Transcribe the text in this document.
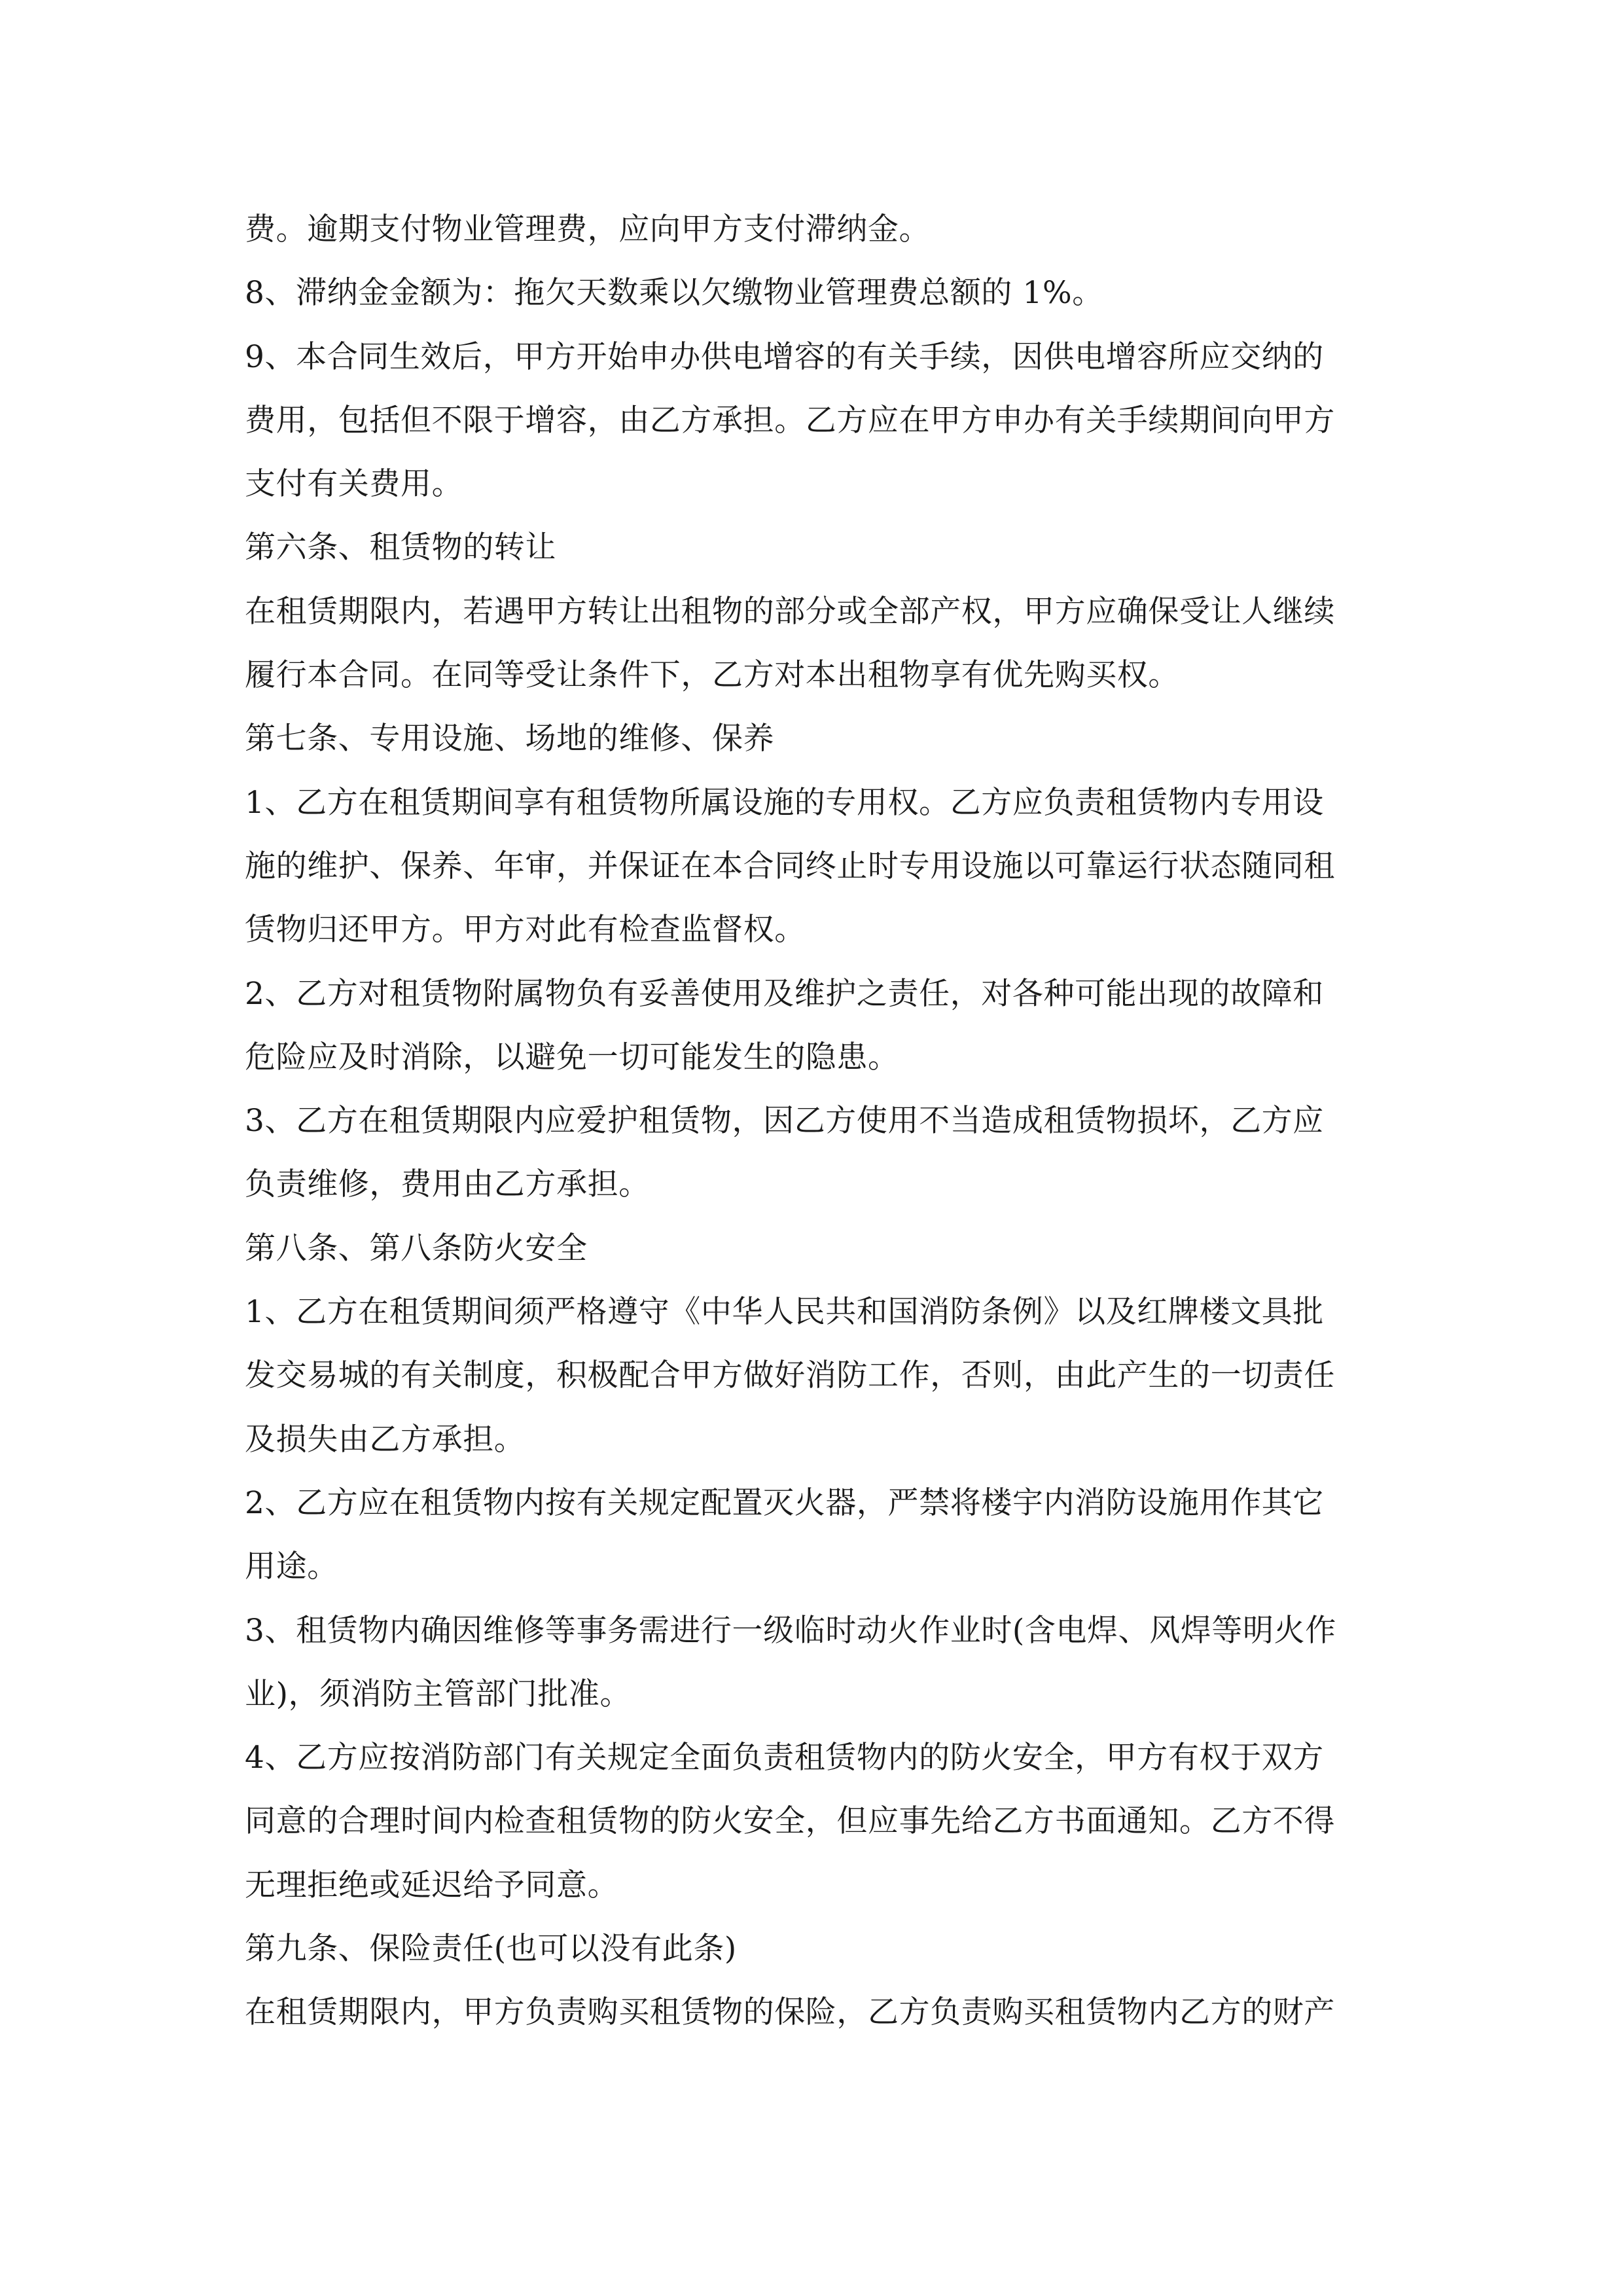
费。逾期支付物业管理费，应向甲方支付滞纳金。
8、滞纳金金额为：拖欠天数乘以欠缴物业管理费总额的 1%。
9、本合同生效后，甲方开始申办供电增容的有关手续，因供电增容所应交纳的
费用，包括但不限于增容，由乙方承担。乙方应在甲方申办有关手续期间向甲方
支付有关费用。
第六条、租赁物的转让
在租赁期限内，若遇甲方转让出租物的部分或全部产权，甲方应确保受让人继续
履行本合同。在同等受让条件下，乙方对本出租物享有优先购买权。
第七条、专用设施、场地的维修、保养
1、乙方在租赁期间享有租赁物所属设施的专用权。乙方应负责租赁物内专用设
施的维护、保养、年审，并保证在本合同终止时专用设施以可靠运行状态随同租
赁物归还甲方。甲方对此有检查监督权。
2、乙方对租赁物附属物负有妥善使用及维护之责任，对各种可能出现的故障和
危险应及时消除，以避免一切可能发生的隐患。
3、乙方在租赁期限内应爱护租赁物，因乙方使用不当造成租赁物损坏，乙方应
负责维修，费用由乙方承担。
第八条、第八条防火安全
1、乙方在租赁期间须严格遵守《中华人民共和国消防条例》以及红牌楼文具批
发交易城的有关制度，积极配合甲方做好消防工作，否则，由此产生的一切责任
及损失由乙方承担。
2、乙方应在租赁物内按有关规定配置灭火器，严禁将楼宇内消防设施用作其它
用途。
3、租赁物内确因维修等事务需进行一级临时动火作业时(含电焊、风焊等明火作
业)，须消防主管部门批准。
4、乙方应按消防部门有关规定全面负责租赁物内的防火安全，甲方有权于双方
同意的合理时间内检查租赁物的防火安全，但应事先给乙方书面通知。乙方不得
无理拒绝或延迟给予同意。
第九条、保险责任(也可以没有此条)
在租赁期限内，甲方负责购买租赁物的保险，乙方负责购买租赁物内乙方的财产
